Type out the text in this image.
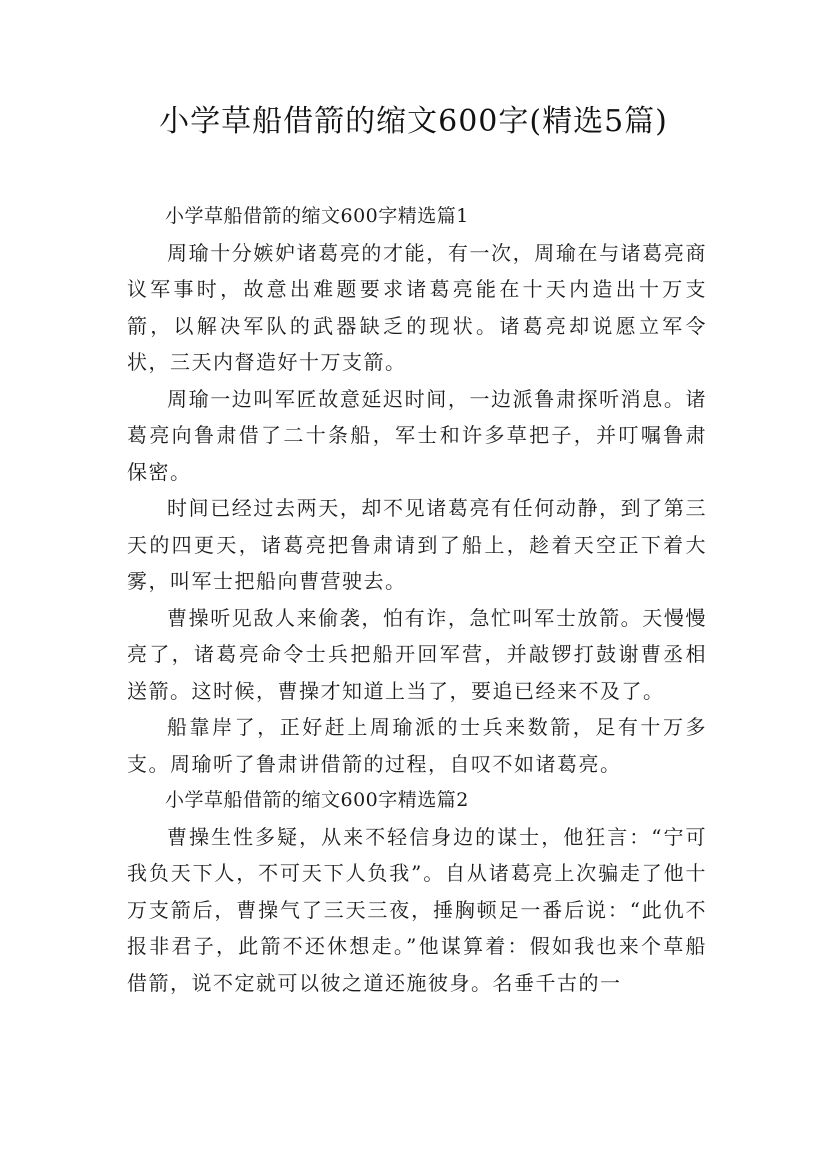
小学草船借箭的缩文600字(精选5篇)

小学草船借箭的缩文600字精选篇1

周瑜十分嫉妒诸葛亮的才能，有一次，周瑜在与诸葛亮商议军事时，故意出难题要求诸葛亮能在十天内造出十万支箭，以解决军队的武器缺乏的现状。诸葛亮却说愿立军令状，三天内督造好十万支箭。

周瑜一边叫军匠故意延迟时间，一边派鲁肃探听消息。诸葛亮向鲁肃借了二十条船，军士和许多草把子，并叮嘱鲁肃保密。

时间已经过去两天，却不见诸葛亮有任何动静，到了第三天的四更天，诸葛亮把鲁肃请到了船上，趁着天空正下着大雾，叫军士把船向曹营驶去。

曹操听见敌人来偷袭，怕有诈，急忙叫军士放箭。天慢慢亮了，诸葛亮命令士兵把船开回军营，并敲锣打鼓谢曹丞相送箭。这时候，曹操才知道上当了，要追已经来不及了。

船靠岸了，正好赶上周瑜派的士兵来数箭，足有十万多支。周瑜听了鲁肃讲借箭的过程，自叹不如诸葛亮。

小学草船借箭的缩文600字精选篇2

曹操生性多疑，从来不轻信身边的谋士，他狂言：“宁可我负天下人，不可天下人负我”。自从诸葛亮上次骗走了他十万支箭后，曹操气了三天三夜，捶胸顿足一番后说：“此仇不报非君子，此箭不还休想走。”他谋算着：假如我也来个草船借箭，说不定就可以彼之道还施彼身。名垂千古的一
